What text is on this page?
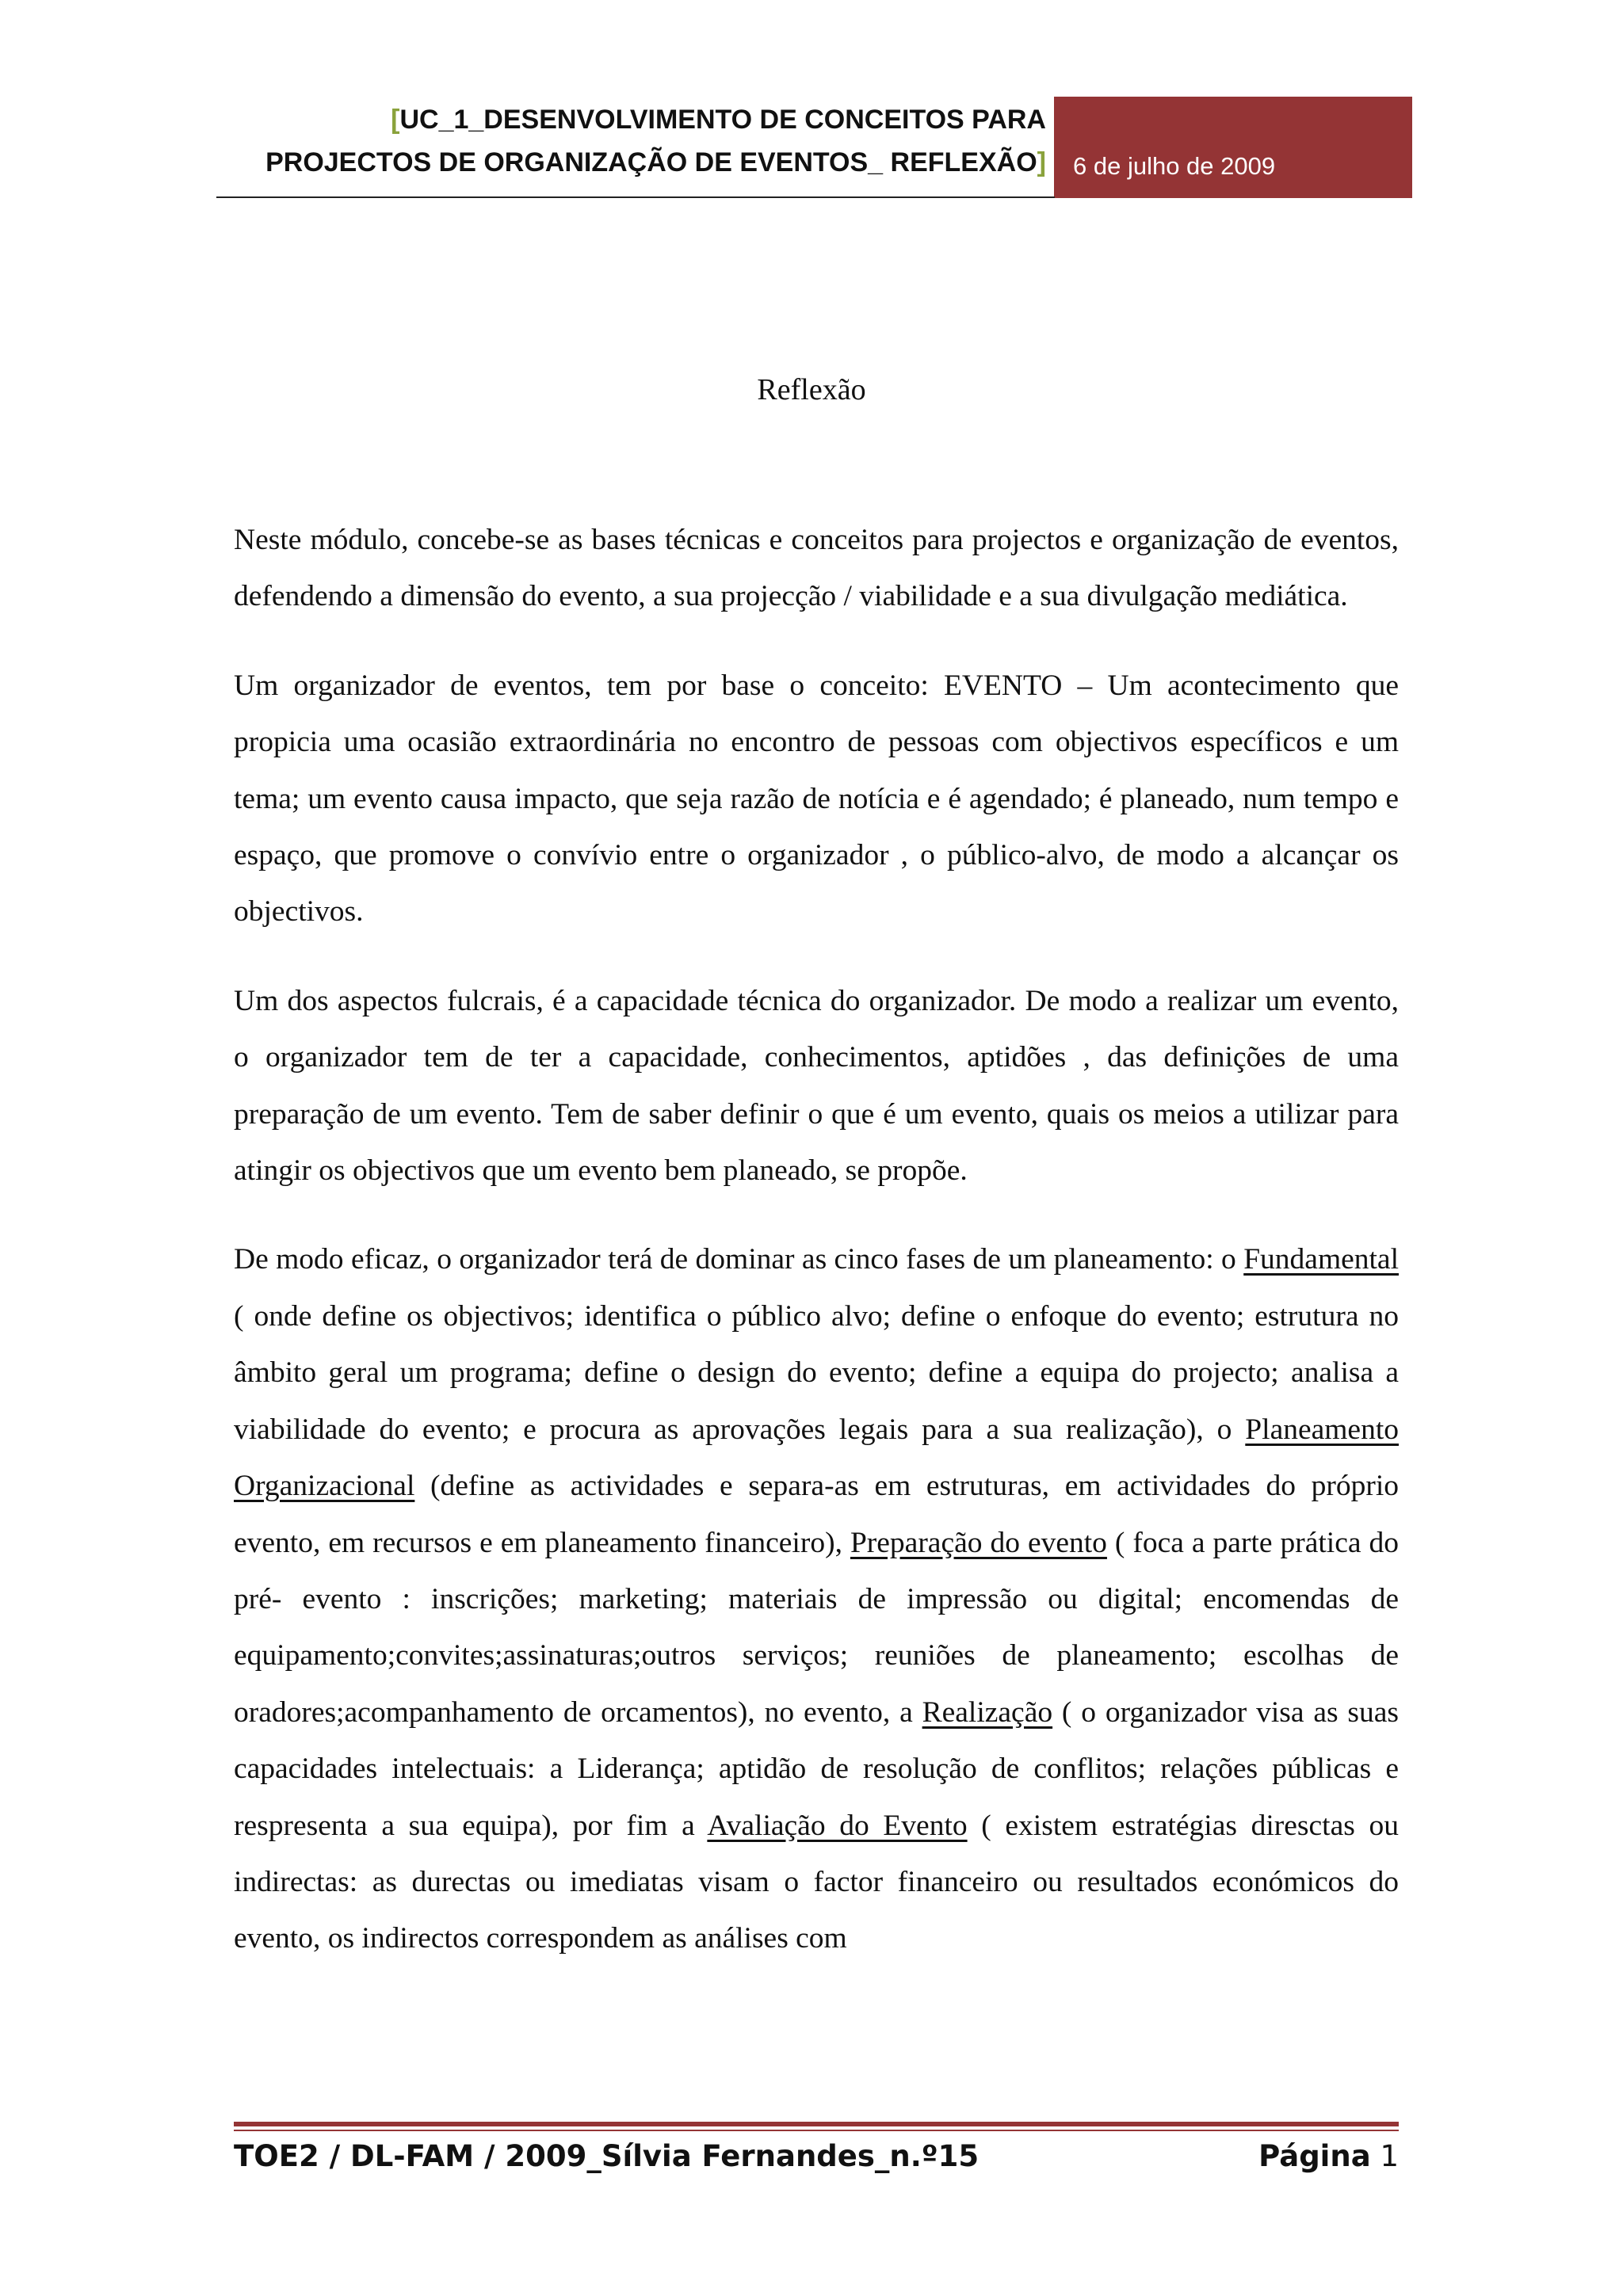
[UC_1_DESENVOLVIMENTO DE CONCEITOS PARA
PROJECTOS DE ORGANIZAÇÃO DE EVENTOS_ REFLEXÃO] 6 de julho de 2009
Reflexão

Neste módulo, concebe-se as bases técnicas e conceitos para projectos e organização de eventos, defendendo a dimensão do evento, a sua projecção / viabilidade e a sua divulgação mediática.

Um organizador de eventos, tem por base o conceito: EVENTO – Um acontecimento que propicia uma ocasião extraordinária no encontro de pessoas com objectivos específicos e um tema; um evento causa impacto, que seja razão de notícia e é agendado; é planeado, num tempo e espaço, que promove o convívio entre o organizador , o público-alvo, de modo a alcançar os objectivos.

Um dos aspectos fulcrais, é a capacidade técnica do organizador. De modo a realizar um evento, o organizador tem de ter a capacidade, conhecimentos, aptidões , das definições de uma preparação de um evento. Tem de saber definir o que é um evento, quais os meios a utilizar para atingir os objectivos que um evento bem planeado, se propõe.

De modo eficaz, o organizador terá de dominar as cinco fases de um planeamento: o Fundamental ( onde define os objectivos; identifica o público alvo; define o enfoque do evento; estrutura no âmbito geral um programa; define o design do evento; define a equipa do projecto; analisa a viabilidade do evento; e procura as aprovações legais para a sua realização), o Planeamento Organizacional (define as actividades e separa-as em estruturas, em actividades do próprio evento, em recursos e em planeamento financeiro), Preparação do evento ( foca a parte prática do pré- evento : inscrições; marketing; materiais de impressão ou digital; encomendas de equipamento;convites;assinaturas;outros serviços; reuniões de planeamento; escolhas de oradores;acompanhamento de orcamentos), no evento, a Realização ( o organizador visa as suas capacidades intelectuais: a Liderança; aptidão de resolução de conflitos; relações públicas e respresenta a sua equipa), por fim a Avaliação do Evento ( existem estratégias diresctas ou indirectas: as durectas ou imediatas visam o factor financeiro ou resultados económicos do evento, os indirectos correspondem as análises com

TOE2 / DL-FAM / 2009_Sílvia Fernandes_n.º15	Página 1
